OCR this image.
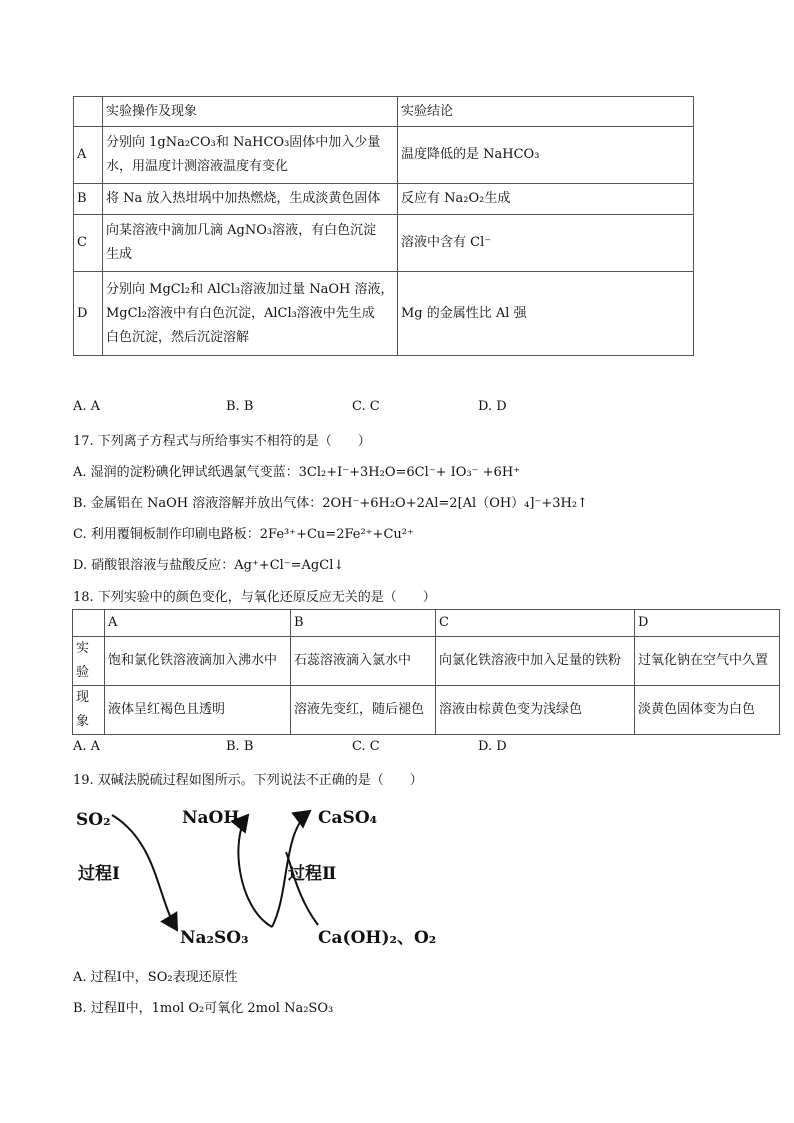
	实验操作及现象	实验结论
A	分别向 1gNa₂CO₃和 NaHCO₃固体中加入少量
水，用温度计测溶液温度有变化	温度降低的是 NaHCO₃
B	将 Na 放入热坩埚中加热燃烧，生成淡黄色固体	反应有 Na₂O₂生成
C	向某溶液中滴加几滴 AgNO₃溶液，有白色沉淀
生成	溶液中含有 Cl⁻
D	分别向 MgCl₂和 AlCl₃溶液加过量 NaOH 溶液，
MgCl₂溶液中有白色沉淀，AlCl₃溶液中先生成
白色沉淀，然后沉淀溶解	Mg 的金属性比 Al 强
A. A	B. B	C. C	D. D
17. 下列离子方程式与所给事实不相符的是（　　）
A. 湿润的淀粉碘化钾试纸遇氯气变蓝：3Cl₂+I⁻+3H₂O=6Cl⁻+ IO₃⁻ +6H⁺
B. 金属铝在 NaOH 溶液溶解并放出气体：2OH⁻+6H₂O+2Al=2[Al（OH）₄]⁻+3H₂↑
C. 利用覆铜板制作印刷电路板：2Fe³⁺+Cu=2Fe²⁺+Cu²⁺
D. 硝酸银溶液与盐酸反应：Ag⁺+Cl⁻=AgCl↓
18. 下列实验中的颜色变化，与氧化还原反应无关的是（　　）
	A	B	C	D
实验	饱和氯化铁溶液滴加入沸水中	石蕊溶液滴入氯水中	向氯化铁溶液中加入足量的铁粉	过氧化钠在空气中久置
现象	液体呈红褐色且透明	溶液先变红，随后褪色	溶液由棕黄色变为浅绿色	淡黄色固体变为白色
A. A	B. B	C. C	D. D
19. 双碱法脱硫过程如图所示。下列说法不正确的是（　　）
SO₂	NaOH	CaSO₄
过程Ⅰ	过程Ⅱ
Na₂SO₃	Ca(OH)₂、O₂
A. 过程Ⅰ中，SO₂表现还原性
B. 过程Ⅱ中，1mol O₂可氧化 2mol Na₂SO₃
